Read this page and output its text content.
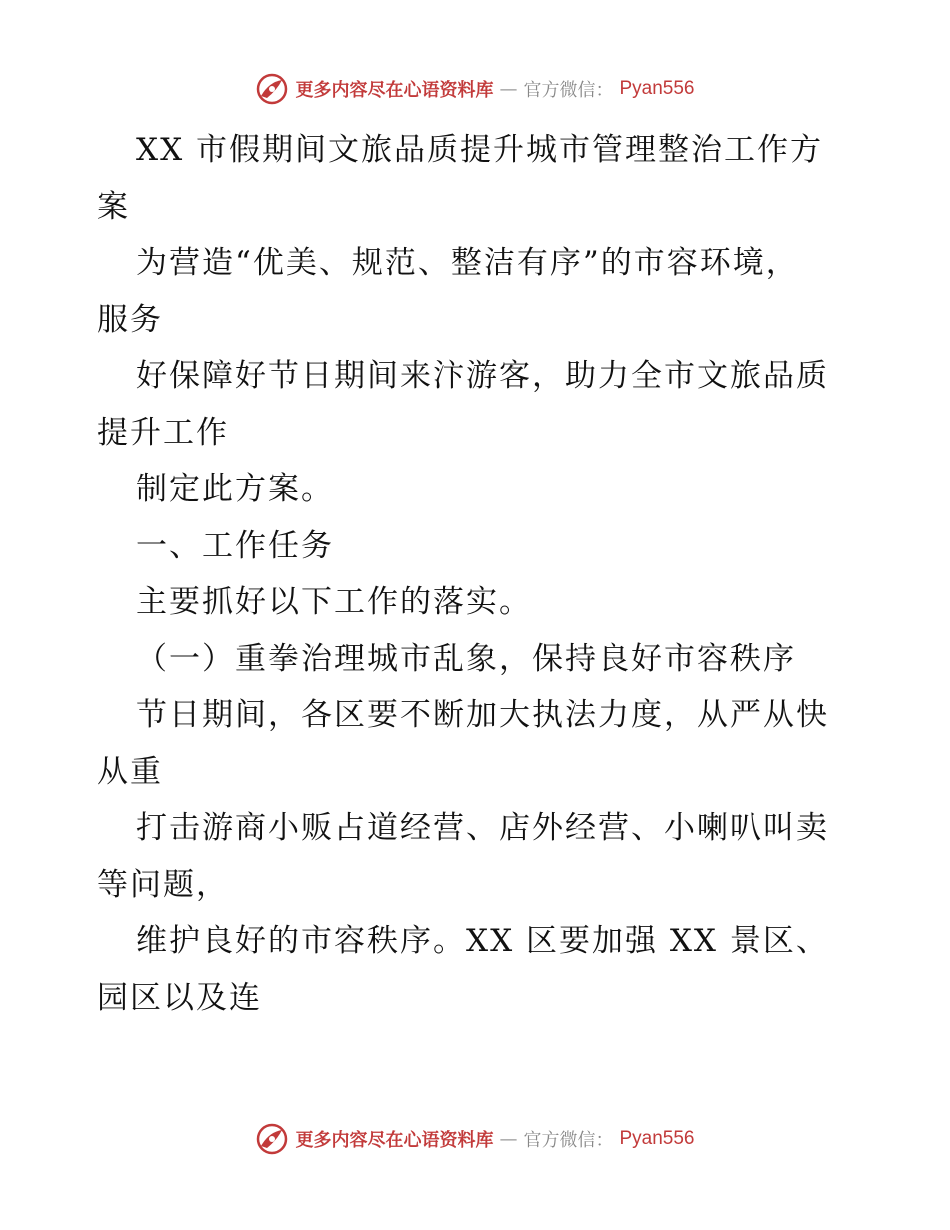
更多内容尽在心语资料库 — 官方微信： Pyan556
XX 市假期间文旅品质提升城市管理整治工作方
案
为营造“优美、规范、整洁有序”的市容环境，
服务
好保障好节日期间来汴游客，助力全市文旅品质
提升工作
制定此方案。
一、工作任务
主要抓好以下工作的落实。
（一）重拳治理城市乱象，保持良好市容秩序
节日期间，各区要不断加大执法力度，从严从快
从重
打击游商小贩占道经营、店外经营、小喇叭叫卖
等问题，
维护良好的市容秩序。XX 区要加强 XX 景区、
园区以及连
更多内容尽在心语资料库 — 官方微信： Pyan556
